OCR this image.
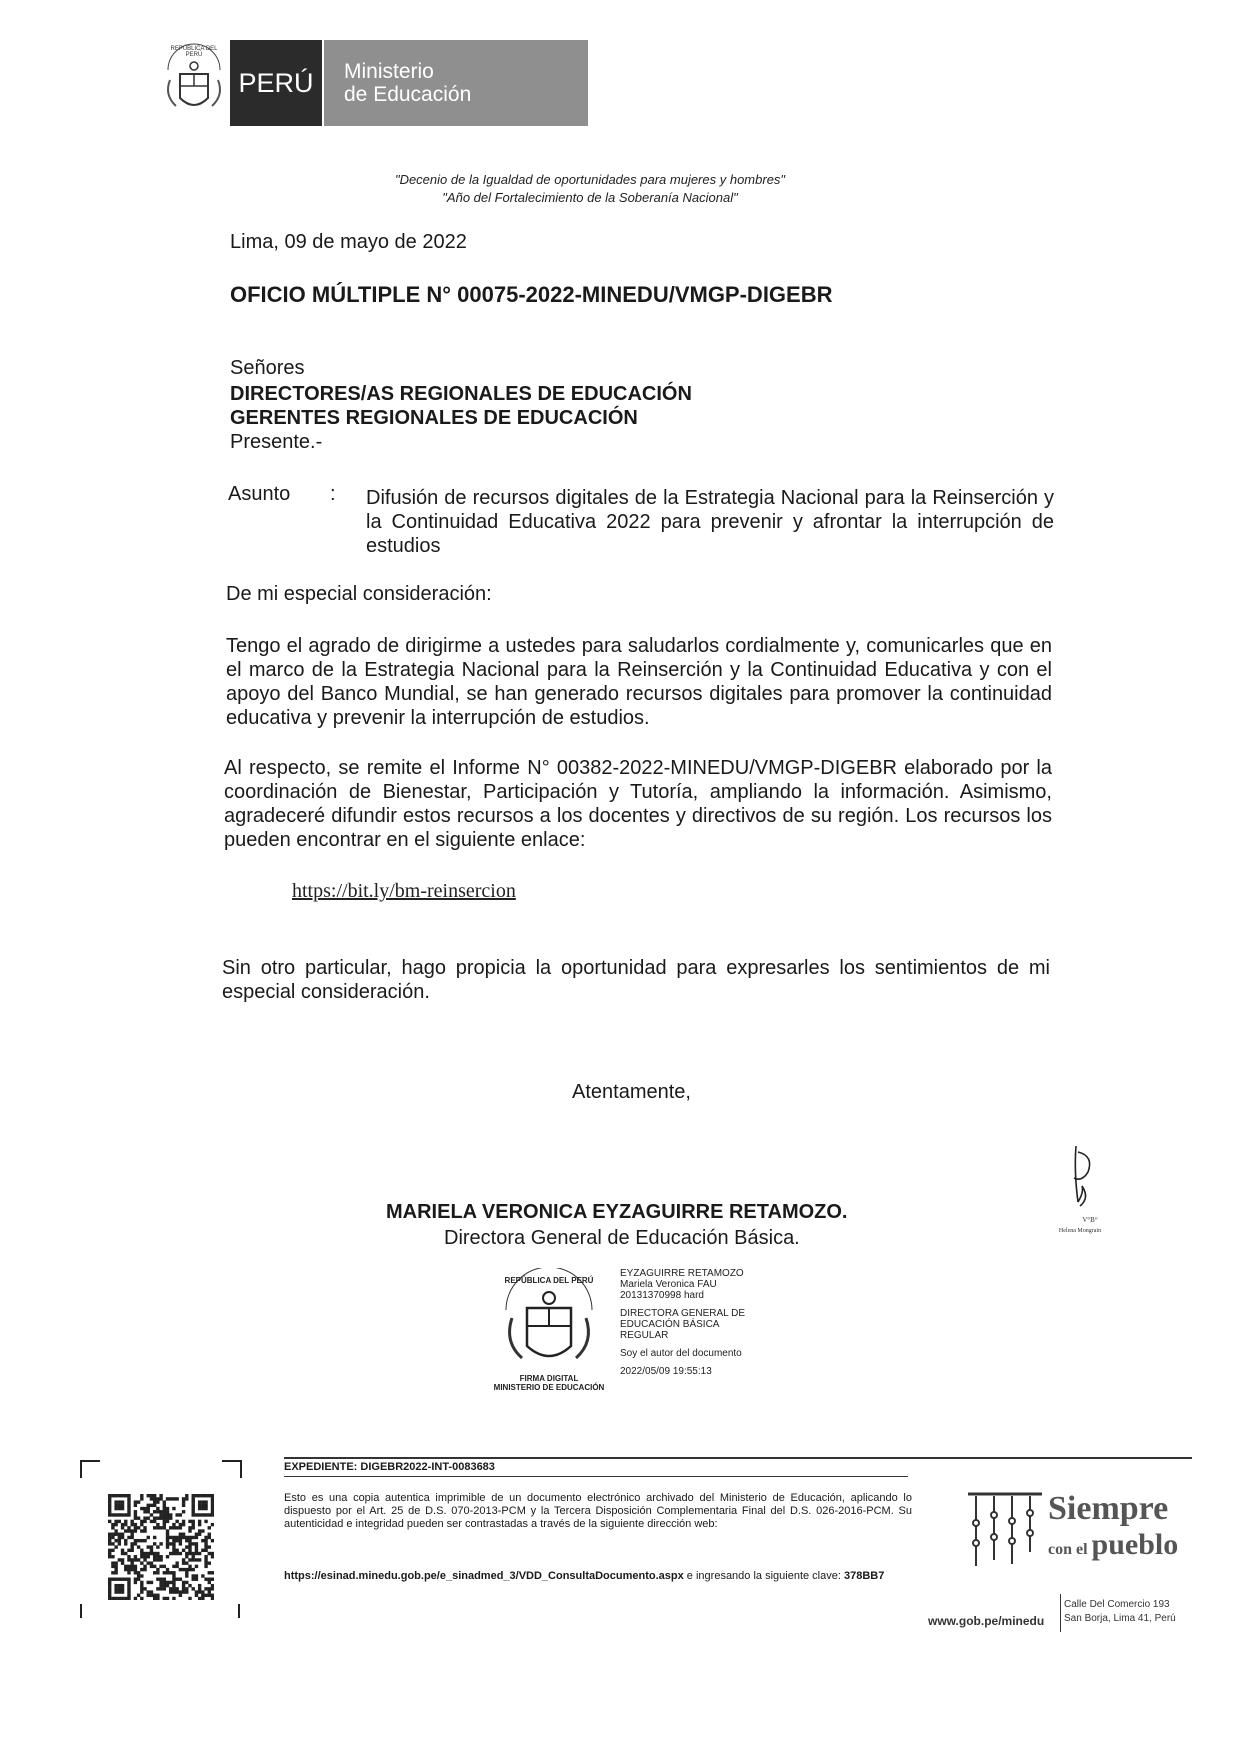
REPÚBLICA DEL PERÚ
PERÚ	Ministerio
de Educación
"Decenio de la Igualdad de oportunidades para mujeres y hombres"
"Año del Fortalecimiento de la Soberanía Nacional"
Lima, 09 de mayo de 2022
OFICIO MÚLTIPLE N° 00075-2022-MINEDU/VMGP-DIGEBR
Señores
DIRECTORES/AS REGIONALES DE EDUCACIÓN
GERENTES REGIONALES DE EDUCACIÓN
Presente.-
Asunto : Difusión de recursos digitales de la Estrategia Nacional para la Reinserción y la Continuidad Educativa 2022 para prevenir y afrontar la interrupción de estudios
De mi especial consideración:
Tengo el agrado de dirigirme a ustedes para saludarlos cordialmente y, comunicarles que en el marco de la Estrategia Nacional para la Reinserción y la Continuidad Educativa y con el apoyo del Banco Mundial, se han generado recursos digitales para promover la continuidad educativa y prevenir la interrupción de estudios.
Al respecto, se remite el Informe N° 00382-2022-MINEDU/VMGP-DIGEBR elaborado por la coordinación de Bienestar, Participación y Tutoría, ampliando la información. Asimismo, agradeceré difundir estos recursos a los docentes y directivos de su región. Los recursos los pueden encontrar en el siguiente enlace:
https://bit.ly/bm-reinsercion
Sin otro particular, hago propicia la oportunidad para expresarles los sentimientos de mi especial consideración.
Atentamente,
V°B°
Helena Mongrain
MARIELA VERONICA EYZAGUIRRE RETAMOZO.
Directora General de Educación Básica.
REPÚBLICA DEL PERÚ
FIRMA DIGITAL
MINISTERIO DE EDUCACIÓN
EYZAGUIRRE RETAMOZO
Mariela Veronica FAU
20131370998 hard
DIRECTORA GENERAL DE
EDUCACIÓN BÁSICA
REGULAR
Soy el autor del documento
2022/05/09 19:55:13
EXPEDIENTE: DIGEBR2022-INT-0083683
Esto es una copia autentica imprimible de un documento electrónico archivado del Ministerio de Educación, aplicando lo dispuesto por el Art. 25 de D.S. 070-2013-PCM y la Tercera Disposición Complementaria Final del D.S. 026-2016-PCM. Su autenticidad e integridad pueden ser contrastadas a través de la siguiente dirección web:
https://esinad.minedu.gob.pe/e_sinadmed_3/VDD_ConsultaDocumento.aspx e ingresando la siguiente clave: 378BB7
Siempre
con el pueblo
www.gob.pe/minedu
Calle Del Comercio 193
San Borja, Lima 41, Perú
